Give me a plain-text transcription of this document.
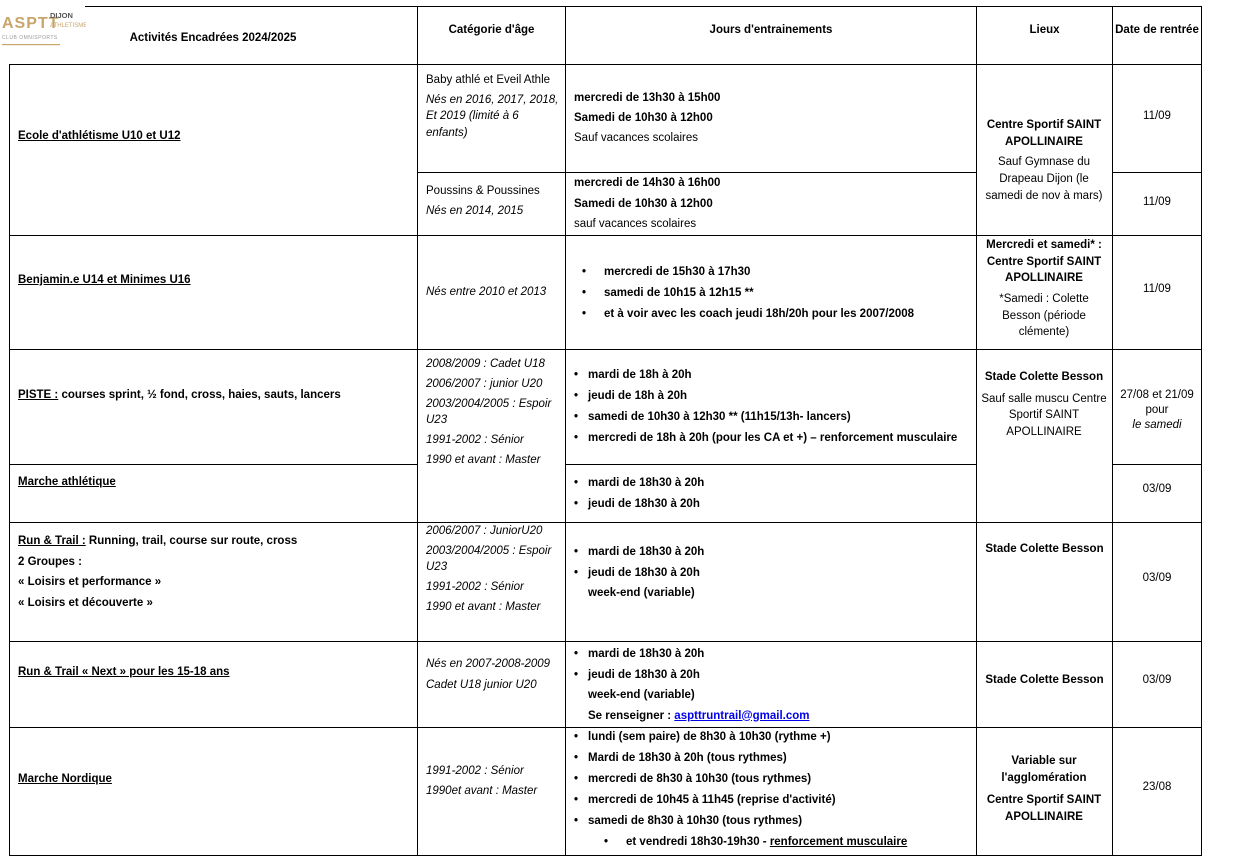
ASPTT
DIJON
ATHLETISME
CLUB OMNISPORTS	Activités Encadrées 2024/2025
Catégorie d'âge	Jours d'entrainements	Lieux	Date de rentrée
Ecole d'athlétisme U10 et U12
Baby athlé et Eveil Athle
Nés en 2016, 2017, 2018,
Et 2019 (limité à 6 enfants)
mercredi de 13h30 à 15h00
Samedi de 10h30 à 12h00
Sauf vacances scolaires
11/09
Poussins & Poussines
Nés en 2014, 2015
mercredi de 14h30 à 16h00
Samedi de 10h30 à 12h00
sauf vacances scolaires
11/09
Centre Sportif SAINT APOLLINAIRE
Sauf Gymnase du Drapeau Dijon (le samedi de nov à mars)
Benjamin.e U14 et Minimes U16
Nés entre 2010 et 2013
• mercredi de 15h30 à 17h30
• samedi de 10h15 à 12h15 **
• et à voir avec les coach jeudi 18h/20h pour les 2007/2008
Mercredi et samedi* : Centre Sportif SAINT APOLLINAIRE
*Samedi : Colette Besson (période clémente)
11/09
PISTE : courses sprint, ½ fond, cross, haies, sauts, lancers
2008/2009 : Cadet U18
2006/2007 : junior U20
2003/2004/2005 : Espoir U23
1991-2002 : Sénior
1990 et avant : Master
• mardi de 18h à 20h
• jeudi de 18h à 20h
• samedi de 10h30 à 12h30 ** (11h15/13h- lancers)
• mercredi de 18h à 20h (pour les CA et +) – renforcement musculaire
Stade Colette Besson
Sauf salle muscu Centre Sportif SAINT APOLLINAIRE
27/08 et 21/09 pour
le samedi
Marche athlétique
•	mardi de 18h30 à 20h
• jeudi de 18h30 à 20h
03/09
Run & Trail : Running, trail, course sur route, cross
2 Groupes :
« Loisirs et performance »
« Loisirs et découverte »
2006/2007 : JuniorU20
2003/2004/2005 : Espoir U23
1991-2002 : Sénior
1990 et avant : Master
• mardi de 18h30 à 20h
• jeudi de 18h30 à 20h
week-end (variable)
Stade Colette Besson
03/09
Run & Trail « Next » pour les 15-18 ans
Nés en 2007-2008-2009
Cadet U18 junior U20
• mardi de 18h30 à 20h
• jeudi de 18h30 à 20h
week-end (variable)
Se renseigner : aspttruntrail@gmail.com
Stade Colette Besson	03/09
Marche Nordique
1991-2002 : Sénior
1990et avant : Master
• lundi (sem paire) de 8h30 à 10h30 (rythme +)
• Mardi de 18h30 à 20h (tous rythmes)
• mercredi de 8h30 à 10h30 (tous rythmes)
• mercredi de 10h45 à 11h45 (reprise d'activité)
• samedi de 8h30 à 10h30 (tous rythmes)
• et vendredi 18h30-19h30 - renforcement musculaire
Variable sur l'agglomération
Centre Sportif SAINT APOLLINAIRE
23/08
